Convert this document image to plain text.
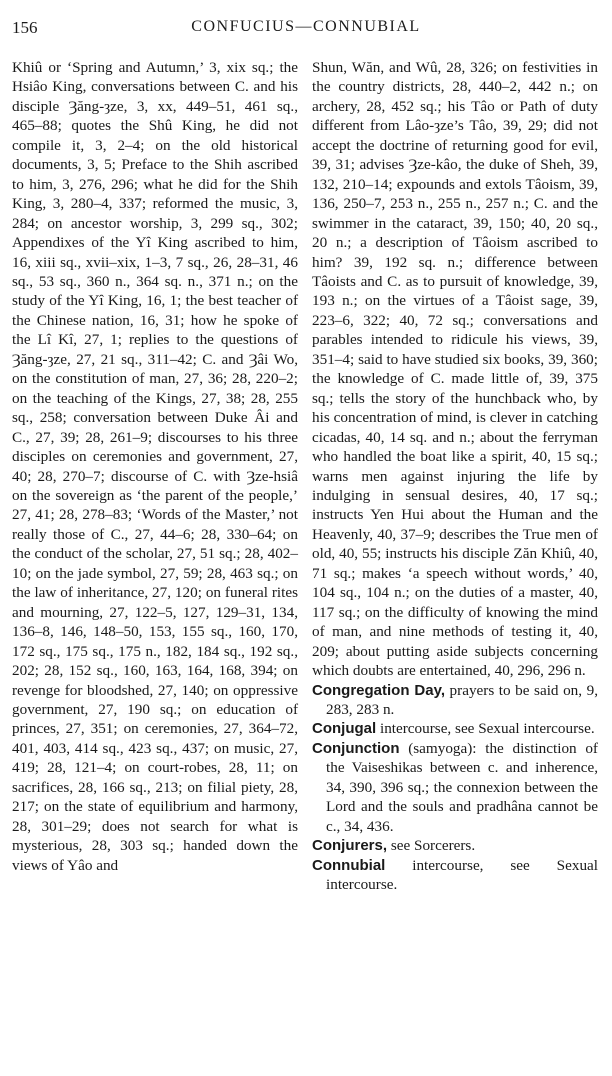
156	CONFUCIUS—CONNUBIAL

Khiû or ‘Spring and Autumn,’ 3, xix sq.; the Hsiâo King, conversations between C. and his disciple Ȝăng-ȝze, 3, xx, 449–51, 461 sq., 465–88; quotes the Shû King, he did not compile it, 3, 2–4; on the old historical documents, 3, 5; Preface to the Shih ascribed to him, 3, 276, 296; what he did for the Shih King, 3, 280–4, 337; reformed the music, 3, 284; on ancestor worship, 3, 299 sq., 302; Appendixes of the Yî King ascribed to him, 16, xiii sq., xvii–xix, 1–3, 7 sq., 26, 28–31, 46 sq., 53 sq., 360 n., 364 sq. n., 371 n.; on the study of the Yî King, 16, 1; the best teacher of the Chinese nation, 16, 31; how he spoke of the Lî Kî, 27, 1; replies to the questions of Ȝăng-ȝze, 27, 21 sq., 311–42; C. and Ȝâi Wo, on the constitution of man, 27, 36; 28, 220–2; on the teaching of the Kings, 27, 38; 28, 255 sq., 258; conversation between Duke Âi and C., 27, 39; 28, 261–9; discourses to his three disciples on ceremonies and government, 27, 40; 28, 270–7; discourse of C. with Ȝze-hsiâ on the sovereign as ‘the parent of the people,’ 27, 41; 28, 278–83; ‘Words of the Master,’ not really those of C., 27, 44–6; 28, 330–64; on the conduct of the scholar, 27, 51 sq.; 28, 402–10; on the jade symbol, 27, 59; 28, 463 sq.; on the law of inheritance, 27, 120; on funeral rites and mourning, 27, 122–5, 127, 129–31, 134, 136–8, 146, 148–50, 153, 155 sq., 160, 170, 172 sq., 175 sq., 175 n., 182, 184 sq., 192 sq., 202; 28, 152 sq., 160, 163, 164, 168, 394; on revenge for bloodshed, 27, 140; on oppressive government, 27, 190 sq.; on education of princes, 27, 351; on ceremonies, 27, 364–72, 401, 403, 414 sq., 423 sq., 437; on music, 27, 419; 28, 121–4; on court-robes, 28, 11; on sacrifices, 28, 166 sq., 213; on filial piety, 28, 217; on the state of equilibrium and harmony, 28, 301–29; does not search for what is mysterious, 28, 303 sq.; handed down the views of Yâo and

Shun, Wăn, and Wû, 28, 326; on festivities in the country districts, 28, 440–2, 442 n.; on archery, 28, 452 sq.; his Tâo or Path of duty different from Lâo-ȝze’s Tâo, 39, 29; did not accept the doctrine of returning good for evil, 39, 31; advises Ȝze-kâo, the duke of Sheh, 39, 132, 210–14; expounds and extols Tâoism, 39, 136, 250–7, 253 n., 255 n., 257 n.; C. and the swimmer in the cataract, 39, 150; 40, 20 sq., 20 n.; a description of Tâoism ascribed to him? 39, 192 sq. n.; difference between Tâoists and C. as to pursuit of knowledge, 39, 193 n.; on the virtues of a Tâoist sage, 39, 223–6, 322; 40, 72 sq.; conversations and parables intended to ridicule his views, 39, 351–4; said to have studied six books, 39, 360; the knowledge of C. made little of, 39, 375 sq.; tells the story of the hunchback who, by his concentration of mind, is clever in catching cicadas, 40, 14 sq. and n.; about the ferryman who handled the boat like a spirit, 40, 15 sq.; warns men against injuring the life by indulging in sensual desires, 40, 17 sq.; instructs Yen Hui about the Human and the Heavenly, 40, 37–9; describes the True men of old, 40, 55; instructs his disciple Zăn Khiû, 40, 71 sq.; makes ‘a speech without words,’ 40, 104 sq., 104 n.; on the duties of a master, 40, 117 sq.; on the difficulty of knowing the mind of man, and nine methods of testing it, 40, 209; about putting aside subjects concerning which doubts are entertained, 40, 296, 296 n.

Congregation Day, prayers to be said on, 9, 283, 283 n.

Conjugal intercourse, see Sexual intercourse.

Conjunction (samyoga): the distinction of the Vaiseshikas between c. and inherence, 34, 390, 396 sq.; the connexion between the Lord and the souls and pradhâna cannot be c., 34, 436.

Conjurers, see Sorcerers.

Connubial intercourse, see Sexual intercourse.
